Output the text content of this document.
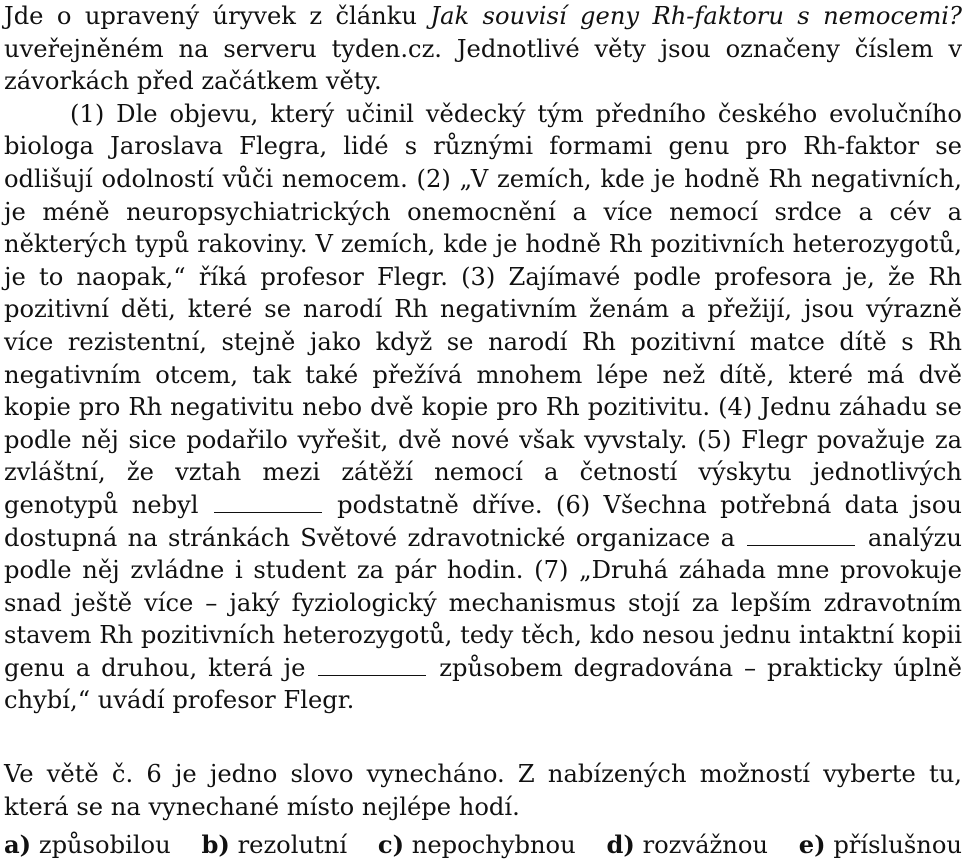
Jde o upravený úryvek z článku Jak souvisí geny Rh-faktoru s nemocemi? uveřejněném na serveru tyden.cz. Jednotlivé věty jsou označeny číslem v závorkách před začátkem věty.

(1) Dle objevu, který učinil vědecký tým předního českého evolučního biologa Jaroslava Flegra, lidé s různými formami genu pro Rh-faktor se odlišují odolností vůči nemocem. (2) „V zemích, kde je hodně Rh negativních, je méně neuropsychiatrických onemocnění a více nemocí srdce a cév a některých typů rakoviny. V zemích, kde je hodně Rh pozitivních heterozygotů, je to naopak,“ říká profesor Flegr. (3) Zajímavé podle profesora je, že Rh pozitivní děti, které se narodí Rh negativním ženám a přežijí, jsou výrazně více rezistentní, stejně jako když se narodí Rh pozitivní matce dítě s Rh negativním otcem, tak také přežívá mnohem lépe než dítě, které má dvě kopie pro Rh negativitu nebo dvě kopie pro Rh pozitivitu. (4) Jednu záhadu se podle něj sice podařilo vyřešit, dvě nové však vyvstaly. (5) Flegr považuje za zvláštní, že vztah mezi zátěží nemocí a četností výskytu jednotlivých genotypů nebyl	podstatně dříve. (6) Všechna potřebná data jsou dostupná na stránkách Světové zdravotnické organizace a	analýzu podle něj zvládne i student za pár hodin. (7) „Druhá záhada mne provokuje snad ještě více – jaký fyziologický mechanismus stojí za lepším zdravotním stavem Rh pozitivních heterozygotů, tedy těch, kdo nesou jednu intaktní kopii genu a druhou, která je	způsobem degradována – prakticky úplně chybí,“ uvádí profesor Flegr.

Ve větě č. 6 je jedno slovo vynecháno. Z nabízených možností vyberte tu, která se na vynechané místo nejlépe hodí.

a) způsobilou b) rezolutní c) nepochybnou d) rozvážnou e) příslušnou
